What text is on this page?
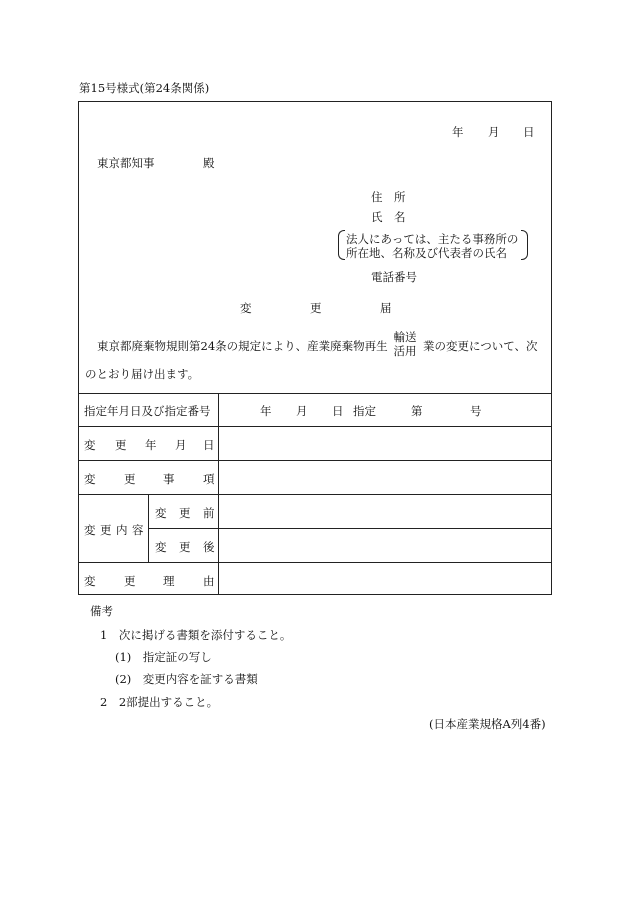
第15号様式(第24条関係)
年 月 日
東京都知事	殿
住　所
氏　名
法人にあっては、主たる事務所の
所在地、名称及び代表者の氏名
電話番号
変	更	届
東京都廃棄物規則第24条の規定により、産業廃棄物再生
輸送
活用 業の変更について、次
のとおり届け出ます。
指定年月日及び指定番号	年 月 日 指定	第	号
変 更 年 月 日
変 更 事 項
変 更 内 容
変 更 前
変 更 後
変 更 理 由
備考
1　次に掲げる書類を添付すること。
(1)　指定証の写し
(2)　変更内容を証する書類
2　2部提出すること。
(日本産業規格A列4番)
